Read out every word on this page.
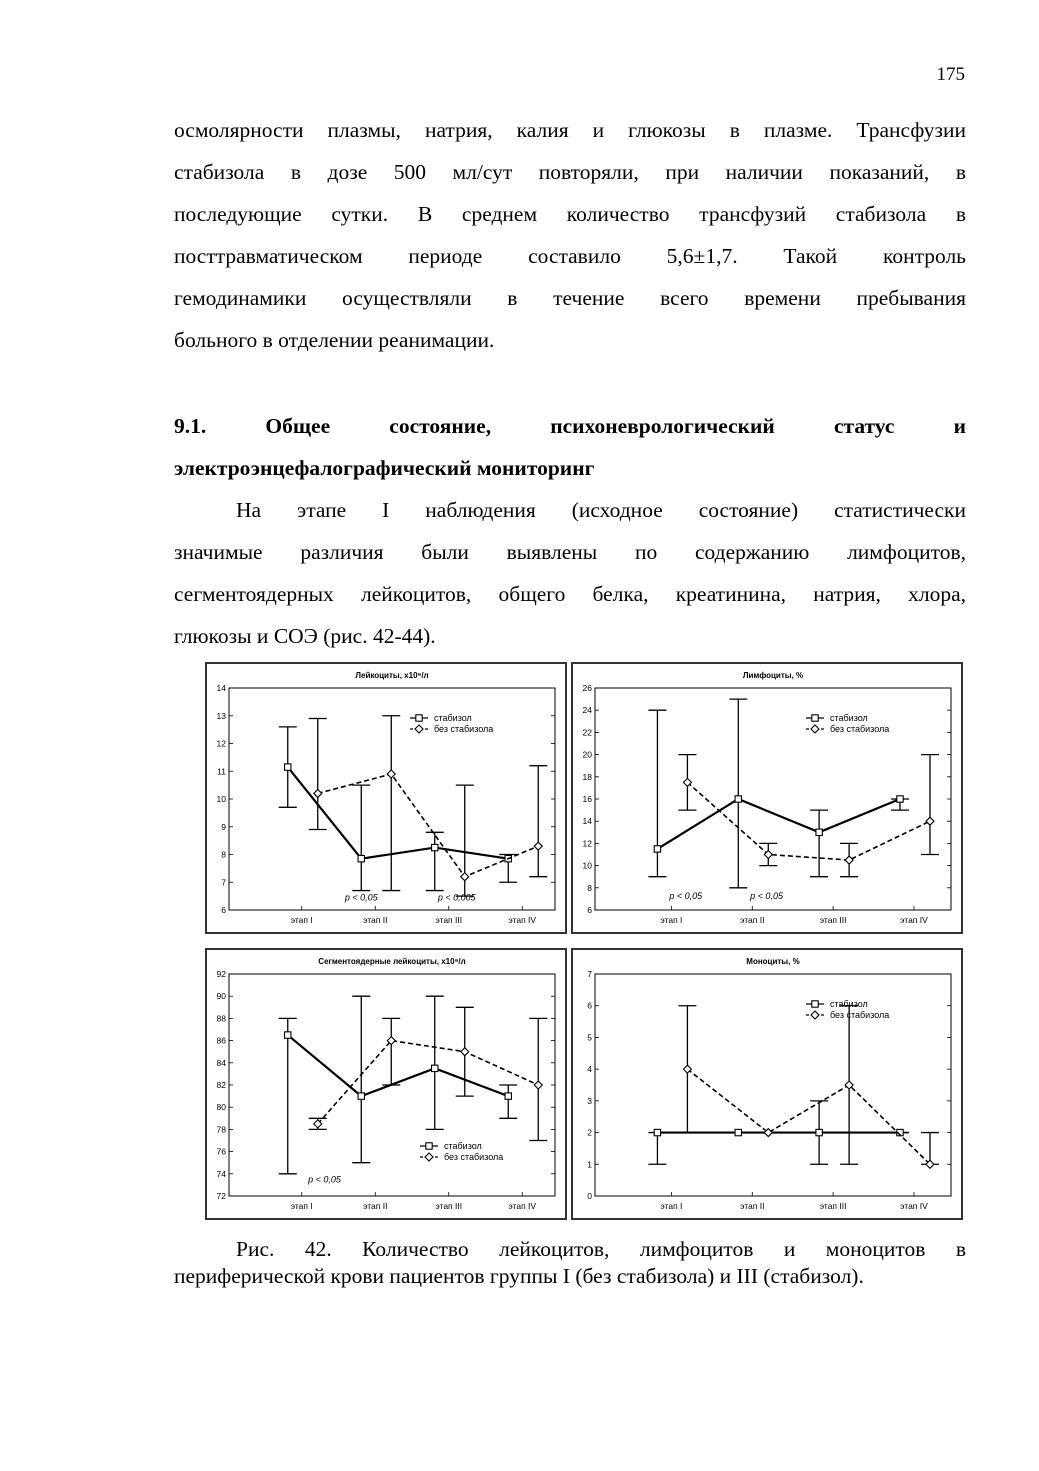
175
осмолярности плазмы, натрия, калия и глюкозы в плазме. Трансфузии
стабизола в дозе 500 мл/сут повторяли, при наличии показаний, в
последующие сутки. В среднем количество трансфузий стабизола в
посттравматическом периоде составило 5,6±1,7. Такой контроль
гемодинамики осуществляли в течение всего времени пребывания
больного в отделении реанимации.
9.1. Общее состояние, психоневрологический статус и
электроэнцефалографический мониторинг
На этапе I наблюдения (исходное состояние) статистически
значимые различия были выявлены по содержанию лимфоцитов,
сегментоядерных лейкоцитов, общего белка, креатинина, натрия, хлора,
глюкозы и СОЭ (рис. 42-44).
Лейкоциты, x10⁹/л
6
7
8
9
10
11
12
13
14
этап I	этап II	этап III	этап IV
стабизол
без стабизола
p < 0,05	p < 0,005
Лимфоциты, %
6
8
10
12
14
16
18
20
22
24
26
этап I	этап II	этап III	этап IV
стабизол
без стабизола
p < 0,05	p < 0,05
Сегментоядерные лейкоциты, x10⁹/л
72
74
76
78
80
82
84
86
88
90
92
этап I	этап II	этап III	этап IV
стабизол
без стабизола
p < 0,05
Моноциты, %
0
1
2
3
4
5
6
7
этап I	этап II	этап III	этап IV
стабизол
без стабизола
Рис. 42. Количество лейкоцитов, лимфоцитов и моноцитов в
периферической крови пациентов группы I (без стабизола) и III (стабизол).
